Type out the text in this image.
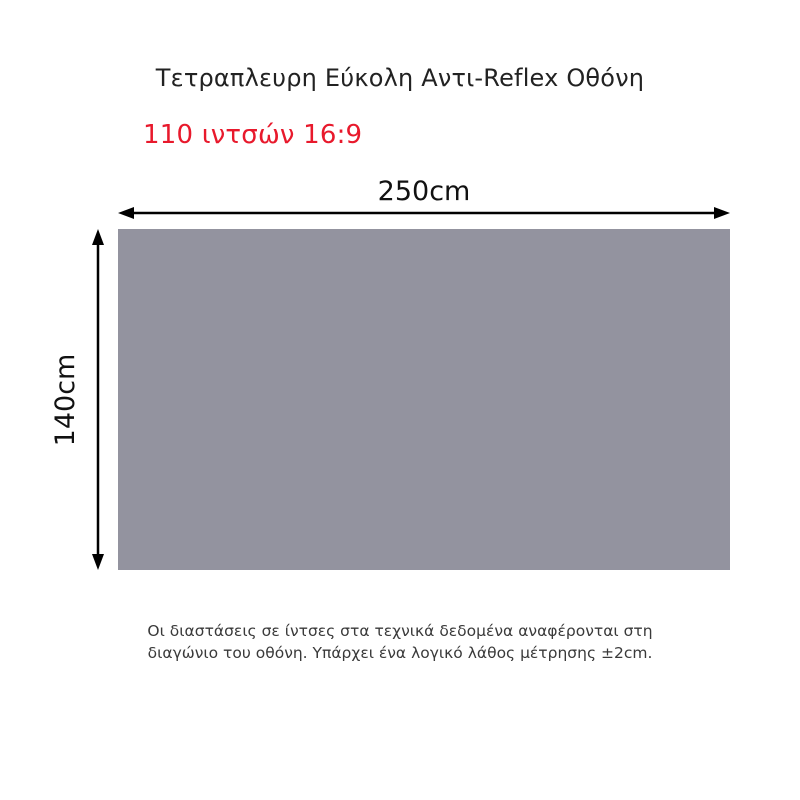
Τετραπλευρη Εύκολη Αντι-Reflex Οθόνη
110 ιντσών 16:9
250cm
140cm
Οι διαστάσεις σε ίντσες στα τεχνικά δεδομένα αναφέρονται στη
διαγώνιο του οθόνη. Υπάρχει ένα λογικό λάθος μέτρησης ±2cm.
